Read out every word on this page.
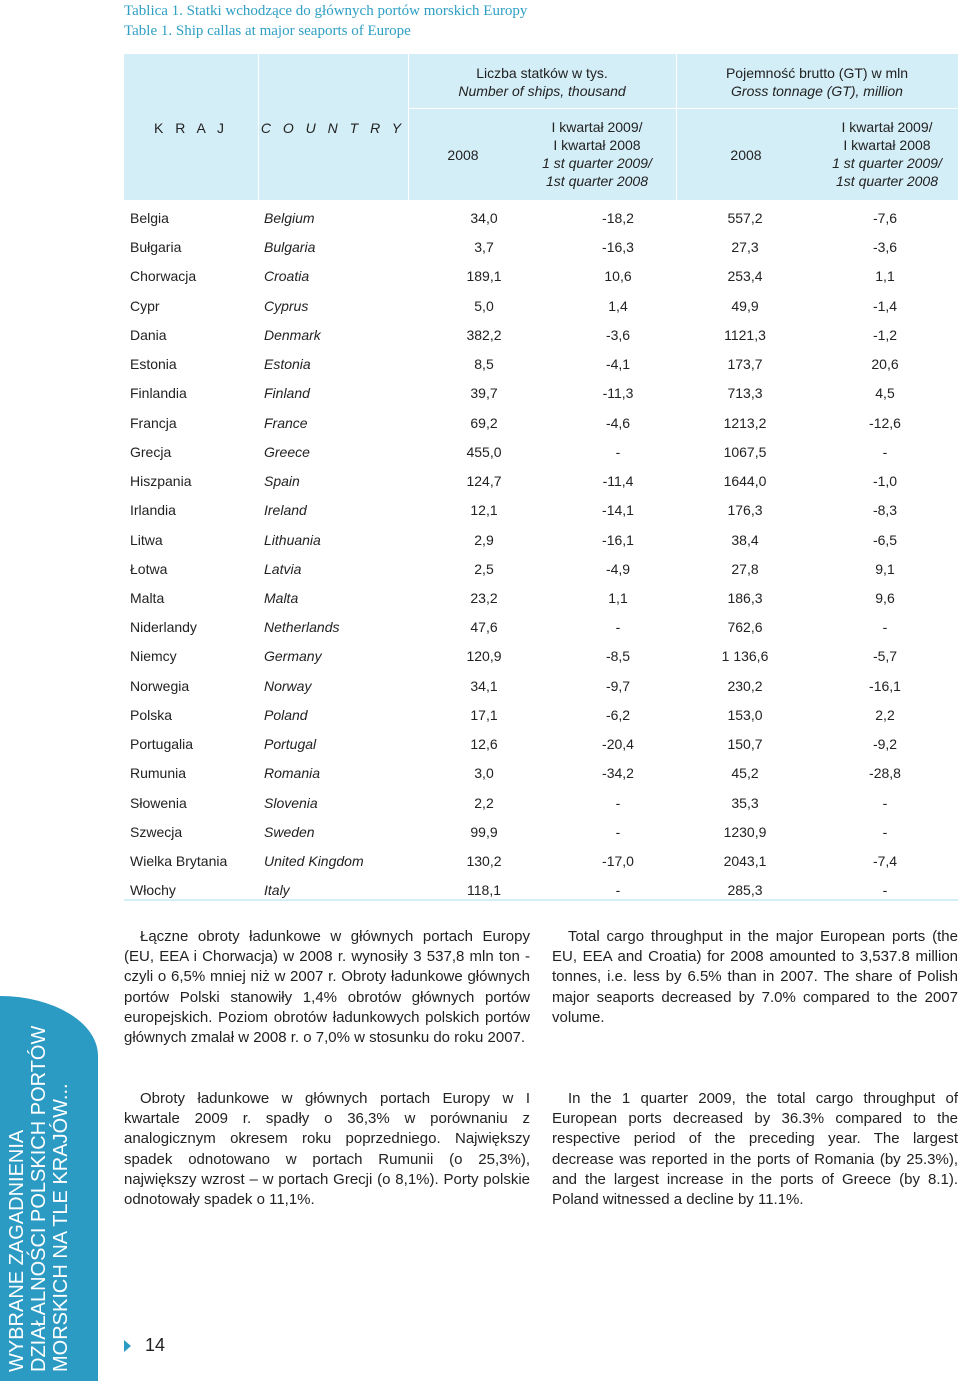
Tablica 1. Statki wchodzące do głównych portów morskich Europy
Table 1. Ship callas at major seaports of Europe
K R A J	C O U N T R Y
Liczba statków w tys.
Number of ships, thousand
Pojemność brutto (GT) w mln
Gross tonnage (GT), million
2008
I kwartał 2009/
I kwartał 2008
1 st quarter 2009/
1st quarter 2008
2008
I kwartał 2009/
I kwartał 2008
1 st quarter 2009/
1st quarter 2008
Belgia	Belgium	34,0	-18,2	557,2	-7,6
Bułgaria	Bulgaria	3,7	-16,3	27,3	-3,6
Chorwacja	Croatia	189,1	10,6	253,4	1,1
Cypr	Cyprus	5,0	1,4	49,9	-1,4
Dania	Denmark	382,2	-3,6	1121,3	-1,2
Estonia	Estonia	8,5	-4,1	173,7	20,6
Finlandia	Finland	39,7	-11,3	713,3	4,5
Francja	France	69,2	-4,6	1213,2	-12,6
Grecja	Greece	455,0	-	1067,5	-
Hiszpania	Spain	124,7	-11,4	1644,0	-1,0
Irlandia	Ireland	12,1	-14,1	176,3	-8,3
Litwa	Lithuania	2,9	-16,1	38,4	-6,5
Łotwa	Latvia	2,5	-4,9	27,8	9,1
Malta	Malta	23,2	1,1	186,3	9,6
Niderlandy	Netherlands	47,6	-	762,6	-
Niemcy	Germany	120,9	-8,5	1 136,6	-5,7
Norwegia	Norway	34,1	-9,7	230,2	-16,1
Polska	Poland	17,1	-6,2	153,0	2,2
Portugalia	Portugal	12,6	-20,4	150,7	-9,2
Rumunia	Romania	3,0	-34,2	45,2	-28,8
Słowenia	Slovenia	2,2	-	35,3	-
Szwecja	Sweden	99,9	-	1230,9	-
Wielka Brytania	United Kingdom	130,2	-17,0	2043,1	-7,4
Włochy	Italy	118,1	-	285,3	-

Łączne obroty ładunkowe w głównych portach Europy (EU, EEA i Chorwacja) w 2008 r. wynosiły 3 537,8 mln ton - czyli o 6,5% mniej niż w 2007 r. Obroty ładunkowe głównych portów Polski stanowiły 1,4% obrotów głównych portów europejskich. Poziom obrotów ładunkowych polskich portów głównych zmalał w 2008 r. o 7,0% w stosunku do roku 2007.

Obroty ładunkowe w głównych portach Europy w I kwartale 2009 r. spadły o 36,3% w porównaniu z analogicznym okresem roku poprzedniego. Największy spadek odnotowano w portach Rumunii (o 25,3%), największy wzrost – w portach Grecji (o 8,1%). Porty polskie odnotowały spadek o 11,1%.

Total cargo throughput in the major European ports (the EU, EEA and Croatia) for 2008 amounted to 3,537.8 million tonnes, i.e. less by 6.5% than in 2007. The share of Polish major seaports decreased by 7.0% compared to the 2007 volume.

In the 1 quarter 2009, the total cargo throughput of European ports decreased by 36.3% compared to the respective period of the preceding year. The largest decrease was reported in the ports of Romania (by 25.3%), and the largest increase in the ports of Greece (by 8.1). Poland witnessed a decline by 11.1%.

WYBRANE ZAGADNIENIA DZIAŁALNOŚCI POLSKICH PORTÓW MORSKICH NA TLE KRAJÓW...	14
